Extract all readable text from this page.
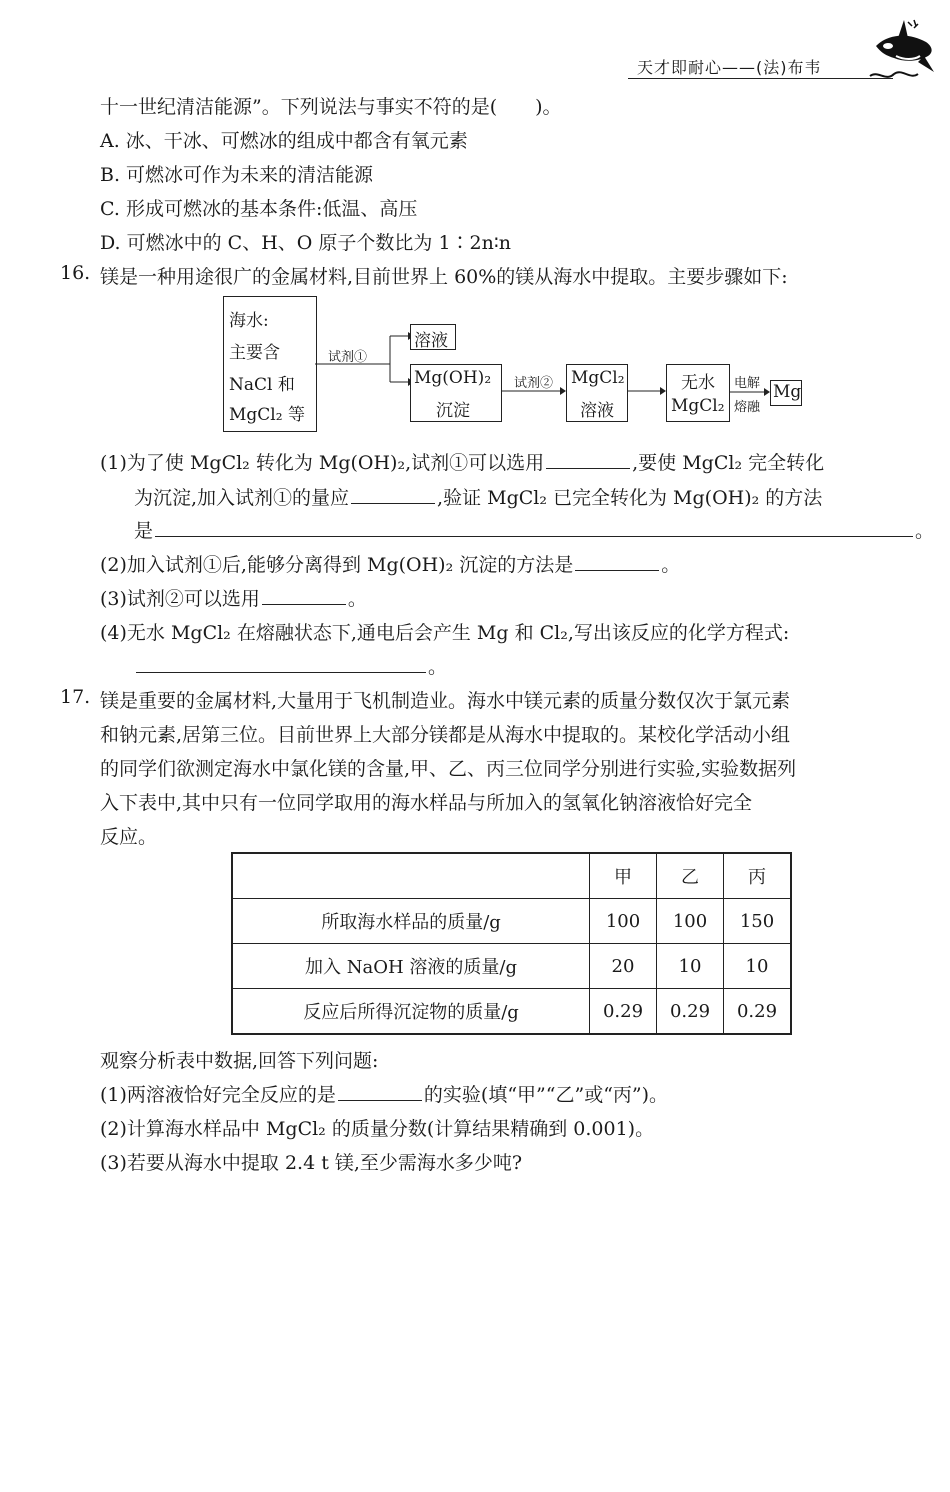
天才即耐心——(法)布韦
十一世纪清洁能源”。下列说法与事实不符的是(　　)。
A. 冰、干冰、可燃冰的组成中都含有氧元素
B. 可燃冰可作为未来的清洁能源
C. 形成可燃冰的基本条件:低温、高压
D. 可燃冰中的 C、H、O 原子个数比为 1∶2n∶n
16. 镁是一种用途很广的金属材料,目前世界上 60%的镁从海水中提取。主要步骤如下:
海水:
主要含
NaCl 和
MgCl₂ 等
试剂①
溶液
Mg(OH)₂
沉淀
试剂② MgCl₂
溶液
无水
MgCl₂
电解
熔融
Mg
(1)为了使 MgCl₂ 转化为 Mg(OH)₂,试剂①可以选用	,要使 MgCl₂ 完全转化
为沉淀,加入试剂①的量应	,验证 MgCl₂ 已完全转化为 Mg(OH)₂ 的方法
是	。
(2)加入试剂①后,能够分离得到 Mg(OH)₂ 沉淀的方法是	。
(3)试剂②可以选用	。
(4)无水 MgCl₂ 在熔融状态下,通电后会产生 Mg 和 Cl₂,写出该反应的化学方程式:
。
17. 镁是重要的金属材料,大量用于飞机制造业。海水中镁元素的质量分数仅次于氯元素
和钠元素,居第三位。目前世界上大部分镁都是从海水中提取的。某校化学活动小组
的同学们欲测定海水中氯化镁的含量,甲、乙、丙三位同学分别进行实验,实验数据列
入下表中,其中只有一位同学取用的海水样品与所加入的氢氧化钠溶液恰好完全
反应。
	甲	乙	丙
所取海水样品的质量/g	100	100	150
加入 NaOH 溶液的质量/g	20	10	10
反应后所得沉淀物的质量/g	0.29	0.29	0.29
观察分析表中数据,回答下列问题:
(1)两溶液恰好完全反应的是	的实验(填“甲”“乙”或“丙”)。
(2)计算海水样品中 MgCl₂ 的质量分数(计算结果精确到 0.001)。
(3)若要从海水中提取 2.4 t 镁,至少需海水多少吨?
